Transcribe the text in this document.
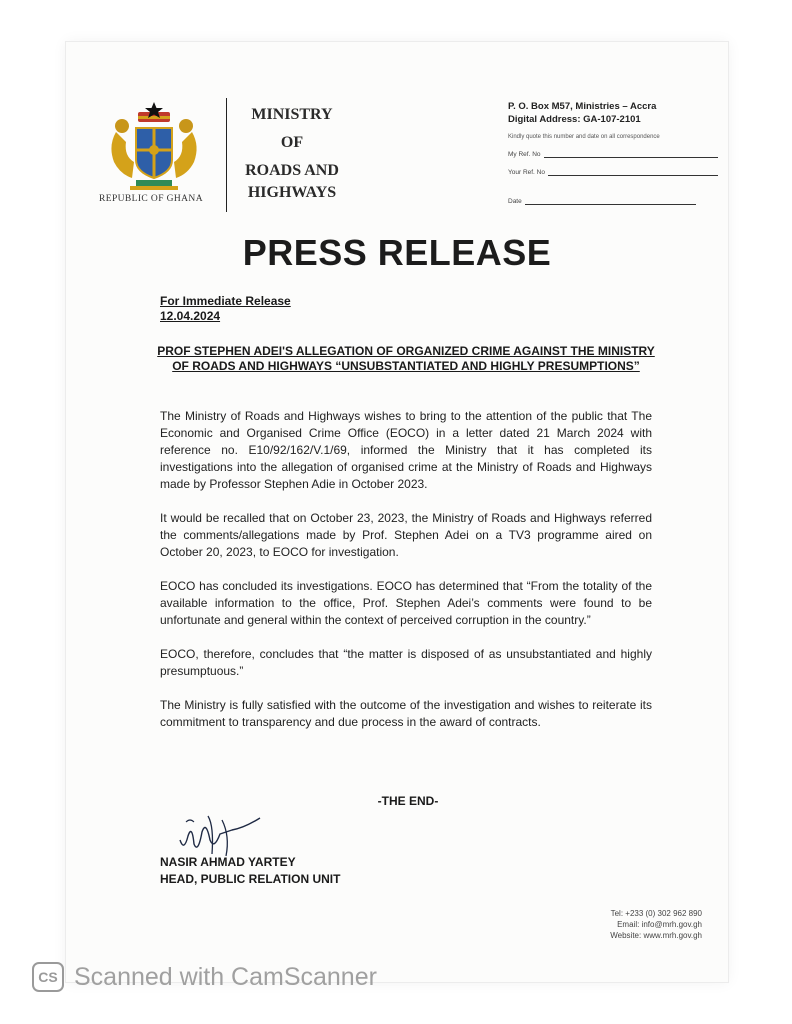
REPUBLIC OF GHANA
MINISTRY
OF
ROADS AND
HIGHWAYS
P. O. Box M57, Ministries – Accra
Digital Address: GA-107-2101
Kindly quote this number and date on all correspondence
My Ref. No
Your Ref. No
Date
PRESS RELEASE
For Immediate Release
12.04.2024
PROF STEPHEN ADEI'S ALLEGATION OF ORGANIZED CRIME AGAINST THE MINISTRY OF ROADS AND HIGHWAYS “UNSUBSTANTIATED AND HIGHLY PRESUMPTIONS”

The Ministry of Roads and Highways wishes to bring to the attention of the public that The Economic and Organised Crime Office (EOCO) in a letter dated 21 March 2024 with reference no. E10/92/162/V.1/69, informed the Ministry that it has completed its investigations into the allegation of organised crime at the Ministry of Roads and Highways made by Professor Stephen Adie in October 2023.

It would be recalled that on October 23, 2023, the Ministry of Roads and Highways referred the comments/allegations made by Prof. Stephen Adei on a TV3 programme aired on October 20, 2023, to EOCO for investigation.

EOCO has concluded its investigations. EOCO has determined that “From the totality of the available information to the office, Prof. Stephen Adei’s comments were found to be unfortunate and general within the context of perceived corruption in the country.”

EOCO, therefore, concludes that “the matter is disposed of as unsubstantiated and highly presumptuous.”

The Ministry is fully satisfied with the outcome of the investigation and wishes to reiterate its commitment to transparency and due process in the award of contracts.

-THE END-
NASIR AHMAD YARTEY
HEAD, PUBLIC RELATION UNIT
Tel: +233 (0) 302 962 890
Email: info@mrh.gov.gh
Website: www.mrh.gov.gh
CS Scanned with CamScanner
